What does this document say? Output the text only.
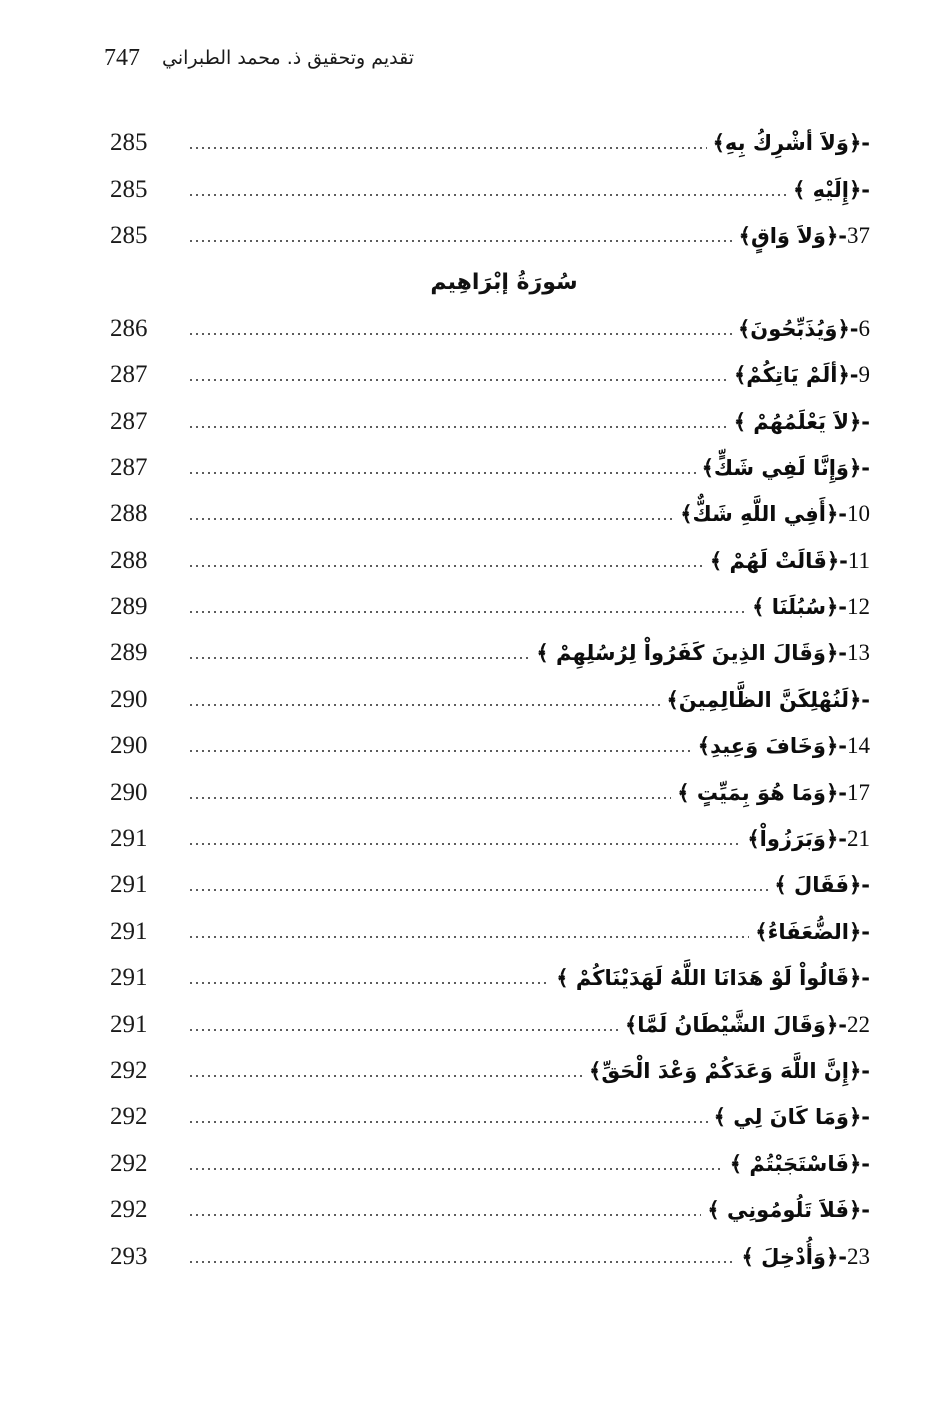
747 تقديم وتحقيق ذ. محمد الطبراني
285	-﴿وَلاَ أشْرِكُ بِهِ﴾
285	-﴿إِلَيْهِ ﴾
285	37-﴿وَلاَ وَاقٍ﴾
سُورَةُ إبْرَاهِيم
286	6-﴿وَيُذَبِّحُونَ﴾
287	9-﴿ألَمْ يَاتِكُمْ﴾
287	-﴿لاَ يَعْلَمُهُمْ ﴾
287	-﴿وَإِنَّا لَفِي شَكٍّ﴾
288	10-﴿أَفِي اللَّهِ شَكٌّ﴾
288	11-﴿قَالَتْ لَهُمْ ﴾
289	12-﴿سُبُلَنَا ﴾
289	13-﴿وَقَالَ الذِينَ كَفَرُواْ لِرُسُلِهِمْ ﴾
290	-﴿لَنُهْلِكَنَّ الظَّالِمِينَ﴾
290	14-﴿وَخَافَ وَعِيدِ﴾
290	17-﴿وَمَا هُوَ بِمَيِّتٍ ﴾
291	21-﴿وَبَرَزُواْ﴾
291	-﴿فَقَالَ ﴾
291	-﴿الضُّعَفَاءُ﴾
291	-﴿قَالُواْ لَوْ هَدَانَا اللَّهُ لَهَدَيْنَاكُمْ ﴾
291	22-﴿وَقَالَ الشَّيْطَانُ لَمَّا﴾
292	-﴿إِنَّ اللَّهَ وَعَدَكُمْ وَعْدَ الْحَقِّ﴾
292	-﴿وَمَا كَانَ لِي ﴾
292	-﴿فَاسْتَجَبْتُمْ ﴾
292	-﴿فَلاَ تَلُومُونِي ﴾
293	23-﴿وَأُدْخِلَ ﴾
